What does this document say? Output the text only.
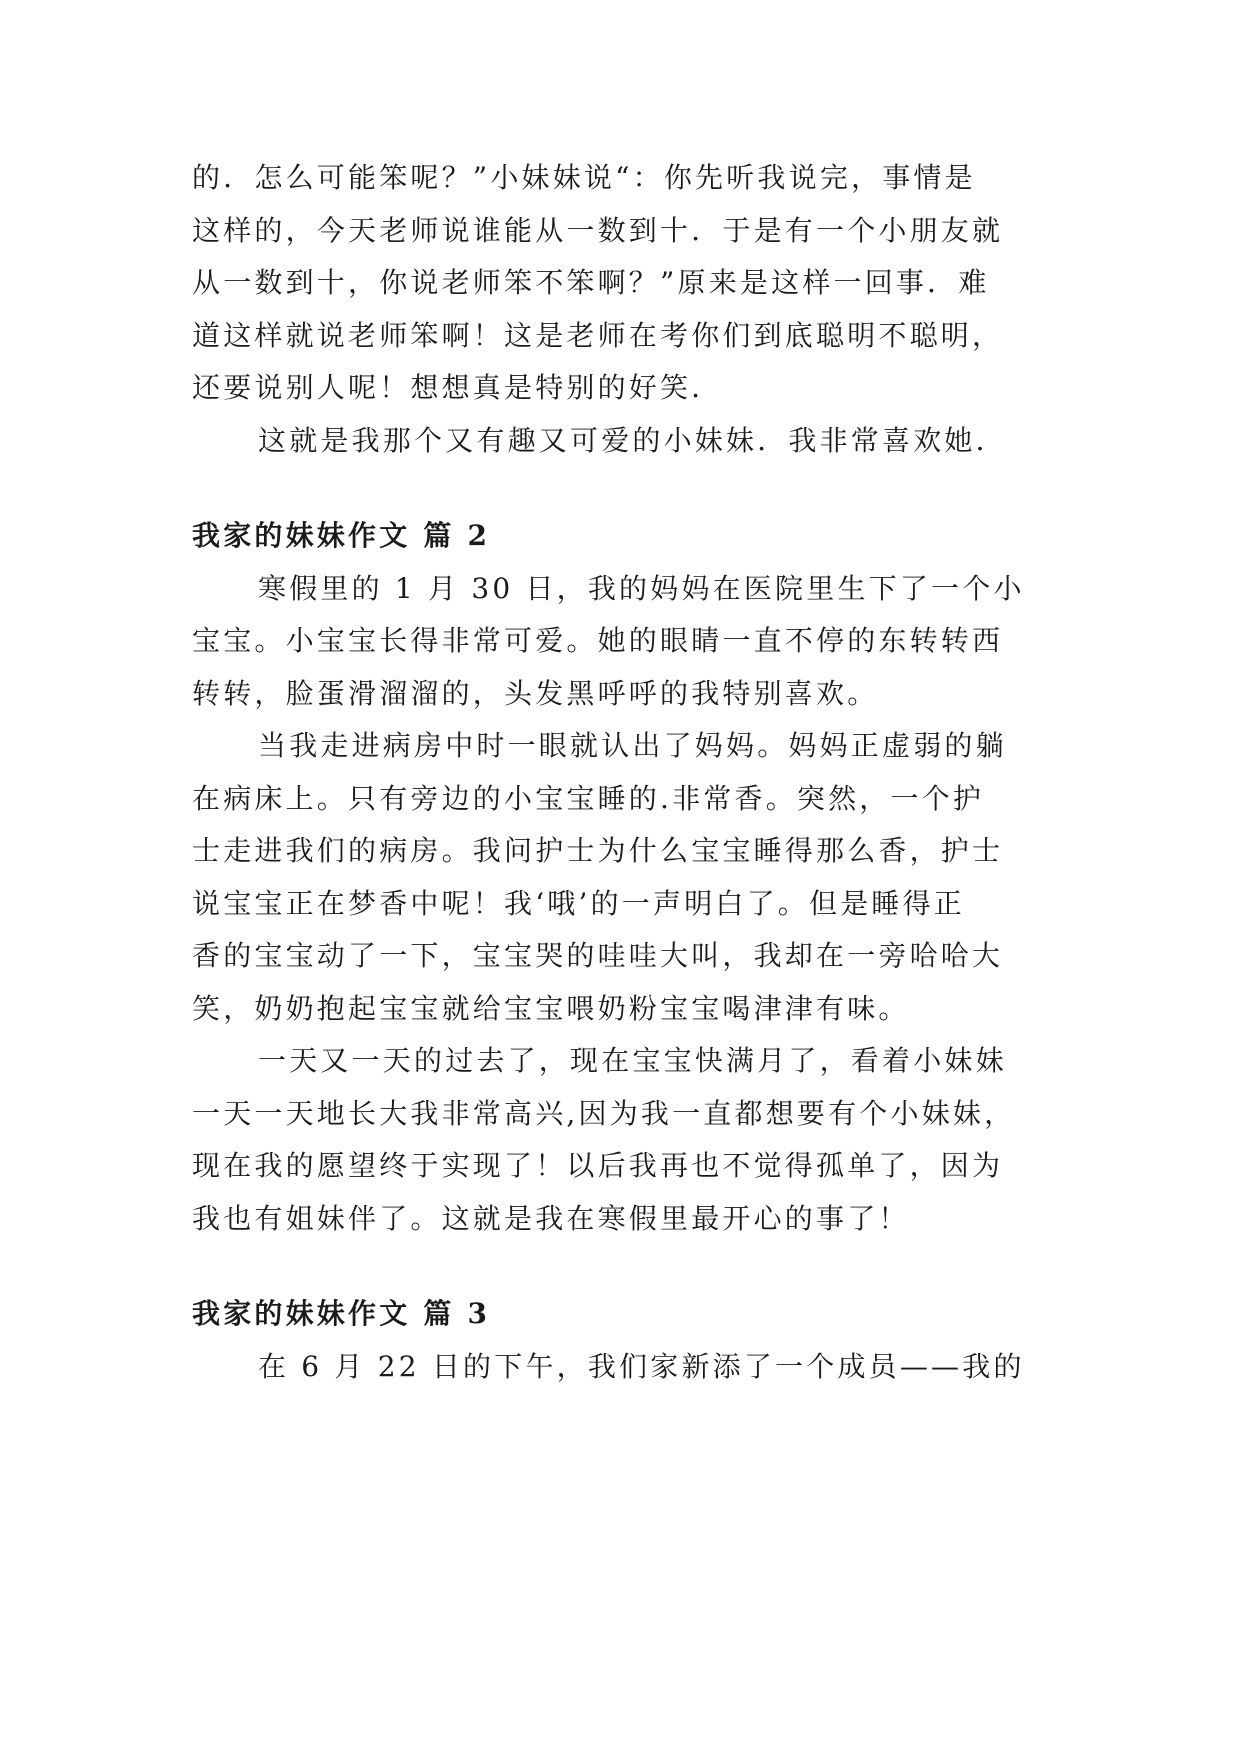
的．怎么可能笨呢？”小妹妹说“：你先听我说完，事情是
这样的，今天老师说谁能从一数到十．于是有一个小朋友就
从一数到十，你说老师笨不笨啊？”原来是这样一回事．难
道这样就说老师笨啊！这是老师在考你们到底聪明不聪明，
还要说别人呢！想想真是特别的好笑．

这就是我那个又有趣又可爱的小妹妹．我非常喜欢她．

我家的妹妹作文 篇 2

寒假里的 1 月 30 日，我的妈妈在医院里生下了一个小
宝宝。小宝宝长得非常可爱。她的眼睛一直不停的东转转西
转转，脸蛋滑溜溜的，头发黑呼呼的我特别喜欢。

当我走进病房中时一眼就认出了妈妈。妈妈正虚弱的躺
在病床上。只有旁边的小宝宝睡的.非常香。突然，一个护
士走进我们的病房。我问护士为什么宝宝睡得那么香，护士
说宝宝正在梦香中呢！我‘哦’的一声明白了。但是睡得正
香的宝宝动了一下，宝宝哭的哇哇大叫，我却在一旁哈哈大
笑，奶奶抱起宝宝就给宝宝喂奶粉宝宝喝津津有味。

一天又一天的过去了，现在宝宝快满月了，看着小妹妹
一天一天地长大我非常高兴,因为我一直都想要有个小妹妹，
现在我的愿望终于实现了！以后我再也不觉得孤单了，因为
我也有姐妹伴了。这就是我在寒假里最开心的事了！

我家的妹妹作文 篇 3

在 6 月 22 日的下午，我们家新添了一个成员——我的
